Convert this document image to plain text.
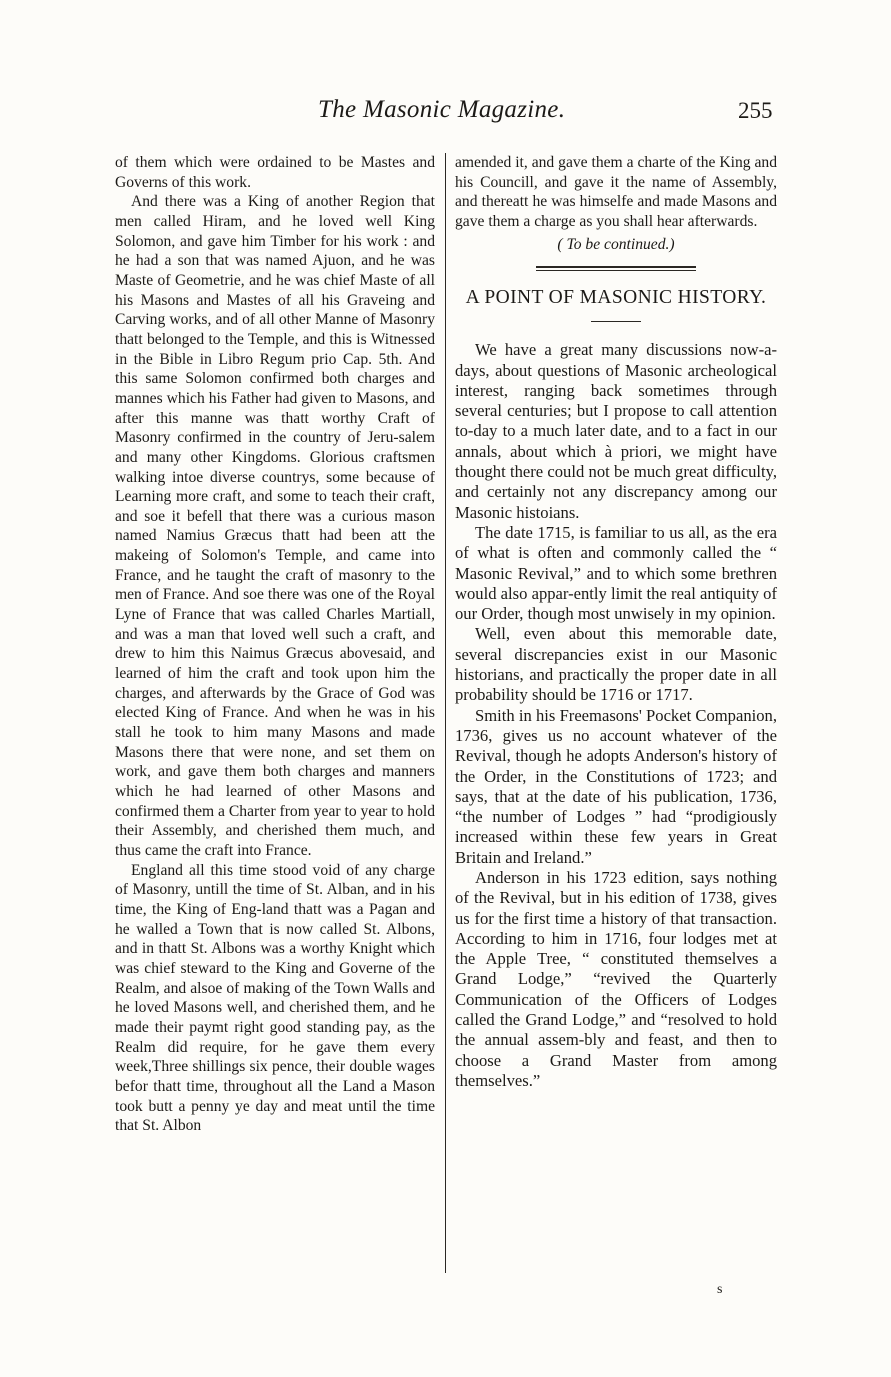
The Masonic Magazine.	255

of them which were ordained to be Mastes and Governs of this work.

And there was a King of another Region that men called Hiram, and he loved well King Solomon, and gave him Timber for his work : and he had a son that was named Ajuon, and he was Maste of Geometrie, and he was chief Maste of all his Masons and Mastes of all his Graveing and Carving works, and of all other Manne of Masonry thatt belonged to the Temple, and this is Witnessed in the Bible in Libro Regum prio Cap. 5th. And this same Solomon confirmed both charges and mannes which his Father had given to Masons, and after this manne was thatt worthy Craft of Masonry confirmed in the country of Jeru-salem and many other Kingdoms. Glorious craftsmen walking intoe diverse countrys, some because of Learning more craft, and some to teach their craft, and soe it befell that there was a curious mason named Namius Græcus thatt had been att the makeing of Solomon's Temple, and came into France, and he taught the craft of masonry to the men of France. And soe there was one of the Royal Lyne of France that was called Charles Martiall, and was a man that loved well such a craft, and drew to him this Naimus Græcus abovesaid, and learned of him the craft and took upon him the charges, and afterwards by the Grace of God was elected King of France. And when he was in his stall he took to him many Masons and made Masons there that were none, and set them on work, and gave them both charges and manners which he had learned of other Masons and confirmed them a Charter from year to year to hold their Assembly, and cherished them much, and thus came the craft into France.

England all this time stood void of any charge of Masonry, untill the time of St. Alban, and in his time, the King of Eng-land thatt was a Pagan and he walled a Town that is now called St. Albons, and in thatt St. Albons was a worthy Knight which was chief steward to the King and Governe of the Realm, and alsoe of making of the Town Walls and he loved Masons well, and cherished them, and he made their paymt right good standing pay, as the Realm did require, for he gave them every week,Three shillings six pence, their double wages befor thatt time, throughout all the Land a Mason took butt a penny ye day and meat until the time that St. Albon

amended it, and gave them a charte of the King and his Councill, and gave it the name of Assembly, and thereatt he was himselfe and made Masons and gave them a charge as you shall hear afterwards.

( To be continued.)

A POINT OF MASONIC HISTORY.

We have a great many discussions now-a-days, about questions of Masonic archeological interest, ranging back sometimes through several centuries; but I propose to call attention to-day to a much later date, and to a fact in our annals, about which à priori, we might have thought there could not be much great difficulty, and certainly not any discrepancy among our Masonic histoians.

The date 1715, is familiar to us all, as the era of what is often and commonly called the “ Masonic Revival,” and to which some brethren would also appar-ently limit the real antiquity of our Order, though most unwisely in my opinion.

Well, even about this memorable date, several discrepancies exist in our Masonic historians, and practically the proper date in all probability should be 1716 or 1717.

Smith in his Freemasons' Pocket Companion, 1736, gives us no account whatever of the Revival, though he adopts Anderson's history of the Order, in the Constitutions of 1723; and says, that at the date of his publication, 1736, “the number of Lodges ” had “prodigiously increased within these few years in Great Britain and Ireland.”

Anderson in his 1723 edition, says nothing of the Revival, but in his edition of 1738, gives us for the first time a history of that transaction. According to him in 1716, four lodges met at the Apple Tree, “ constituted themselves a Grand Lodge,” “revived the Quarterly Communication of the Officers of Lodges called the Grand Lodge,” and “resolved to hold the annual assem-bly and feast, and then to choose a Grand Master from among themselves.”

s
